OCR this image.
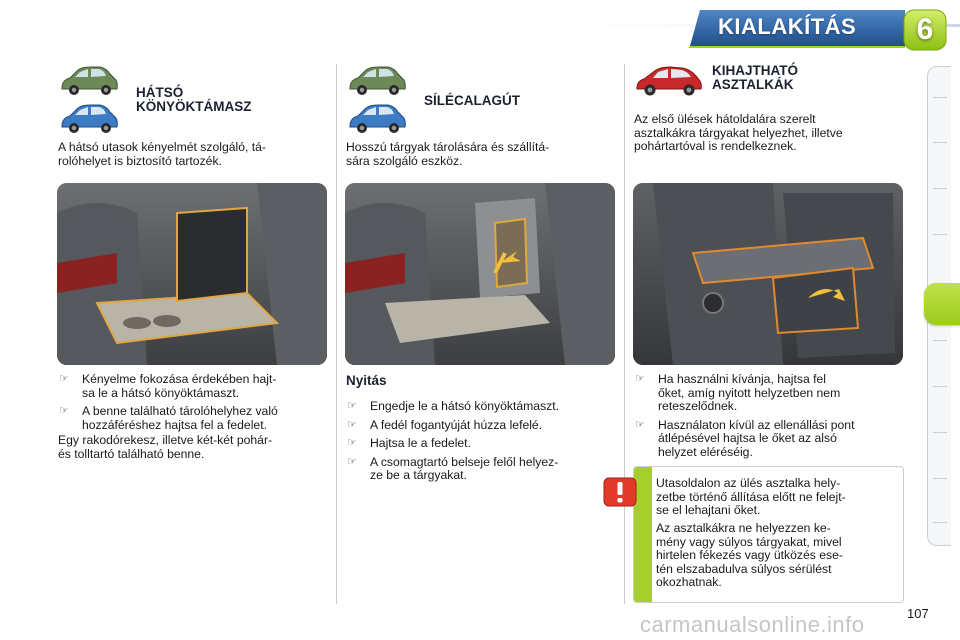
KIALAKÍTÁS	6
HÁTSÓ
KÖNYÖKTÁMASZ
A hátsó utasok kényelmét szolgáló, tá-
rolóhelyet is biztosító tartozék.
☞ Kényelme fokozása érdekében hajt-
sa le a hátsó könyöktámaszt.
☞ A benne található tárolóhelyhez való
hozzáféréshez hajtsa fel a fedelet.
Egy rakodórekesz, illetve két-két pohár-
és tolltartó található benne.
SÍLÉCALAGÚT
Hosszú tárgyak tárolására és szállítá-
sára szolgáló eszköz.
Nyitás
☞ Engedje le a hátsó könyöktámaszt.
☞ A fedél fogantyúját húzza lefelé.
☞ Hajtsa le a fedelet.
☞ A csomagtartó belseje felől helyez-
ze be a tárgyakat.
KIHAJTHATÓ
ASZTALKÁK
Az első ülések hátoldalára szerelt
asztalkákra tárgyakat helyezhet, illetve
pohártartóval is rendelkeznek.
☞ Ha használni kívánja, hajtsa fel
őket, amíg nyitott helyzetben nem
reteszelődnek.
☞ Használaton kívül az ellenállási pont
átlépésével hajtsa le őket az alsó
helyzet eléréséig.
Utasoldalon az ülés asztalka hely-
zetbe történő állítása előtt ne felejt-
se el lehajtani őket.
Az asztalkákra ne helyezzen ke-
mény vagy súlyos tárgyakat, mivel
hirtelen fékezés vagy ütközés ese-
tén elszabadulva súlyos sérülést
okozhatnak.
107
carmanualsonline.info
